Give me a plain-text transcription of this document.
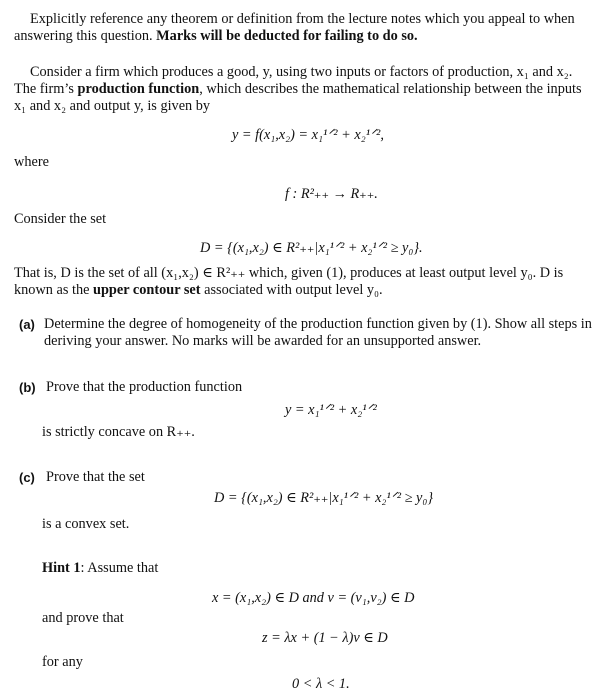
Explicitly reference any theorem or definition from the lecture notes which you appeal to when
answering this question. Marks will be deducted for failing to do so.
Consider a firm which produces a good, y, using two inputs or factors of production, x₁ and x₂.
The firm’s production function, which describes the mathematical relationship between the inputs
x₁ and x₂ and output y, is given by
y = f(x₁,x₂) = x₁¹ᐟ² + x₂¹ᐟ²,
where
f : R²₊₊ → R₊₊.
Consider the set
D = {(x₁,x₂) ∈ R²₊₊|x₁¹ᐟ² + x₂¹ᐟ² ≥ y₀}.
That is, D is the set of all (x₁,x₂) ∈ R²₊₊ which, given (1), produces at least output level y₀. D is
known as the upper contour set associated with output level y₀.
(a) Determine the degree of homogeneity of the production function given by (1). Show all steps in
deriving your answer. No marks will be awarded for an unsupported answer.
(b) Prove that the production function
y = x₁¹ᐟ² + x₂¹ᐟ²
is strictly concave on R₊₊.
(c) Prove that the set
D = {(x₁,x₂) ∈ R²₊₊|x₁¹ᐟ² + x₂¹ᐟ² ≥ y₀}
is a convex set.
Hint 1: Assume that
x = (x₁,x₂) ∈ D and v = (v₁,v₂) ∈ D
and prove that
z = λx + (1 − λ)v ∈ D
for any
0 < λ < 1.
